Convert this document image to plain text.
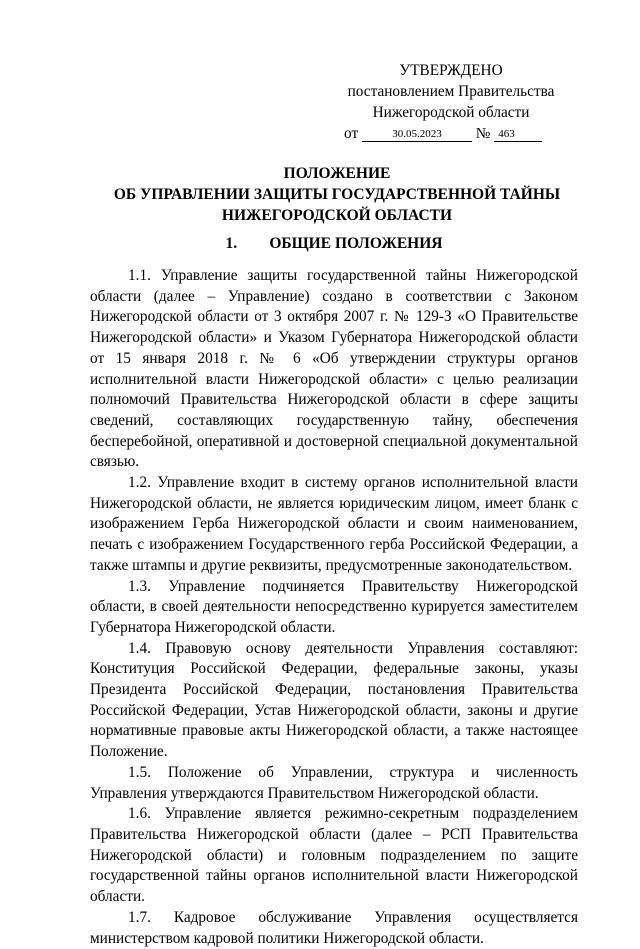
УТВЕРЖДЕНО
постановлением Правительства
Нижегородской области
от	30.05.2023 № 463
ПОЛОЖЕНИЕ
ОБ УПРАВЛЕНИИ ЗАЩИТЫ ГОСУДАРСТВЕННОЙ ТАЙНЫ
НИЖЕГОРОДСКОЙ ОБЛАСТИ
1. ОБЩИЕ ПОЛОЖЕНИЯ

1.1. Управление защиты государственной тайны Нижегородской области (далее – Управление) создано в соответствии с Законом Нижегородской области от 3 октября 2007 г. № 129-З «О Правительстве Нижегородской области» и Указом Губернатора Нижегородской области от 15 января 2018 г. № 6 «Об утверждении структуры органов исполнительной власти Нижегородской области» с целью реализации полномочий Правительства Нижегородской области в сфере защиты сведений, составляющих государственную тайну, обеспечения бесперебойной, оперативной и достоверной специальной документальной связью.

1.2. Управление входит в систему органов исполнительной власти Нижегородской области, не является юридическим лицом, имеет бланк с изображением Герба Нижегородской области и своим наименованием, печать с изображением Государственного герба Российской Федерации, а также штампы и другие реквизиты, предусмотренные законодательством.

1.3. Управление подчиняется Правительству Нижегородской области, в своей деятельности непосредственно курируется заместителем Губернатора Нижегородской области.

1.4. Правовую основу деятельности Управления составляют: Конституция Российской Федерации, федеральные законы, указы Президента Российской Федерации, постановления Правительства Российской Федерации, Устав Нижегородской области, законы и другие нормативные правовые акты Нижегородской области, а также настоящее Положение.

1.5. Положение об Управлении, структура и численность Управления утверждаются Правительством Нижегородской области.

1.6. Управление является режимно-секретным подразделением Правительства Нижегородской области (далее – РСП Правительства Нижегородской области) и головным подразделением по защите государственной тайны органов исполнительной власти Нижегородской области.

1.7. Кадровое обслуживание Управления осуществляется министерством кадровой политики Нижегородской области.
